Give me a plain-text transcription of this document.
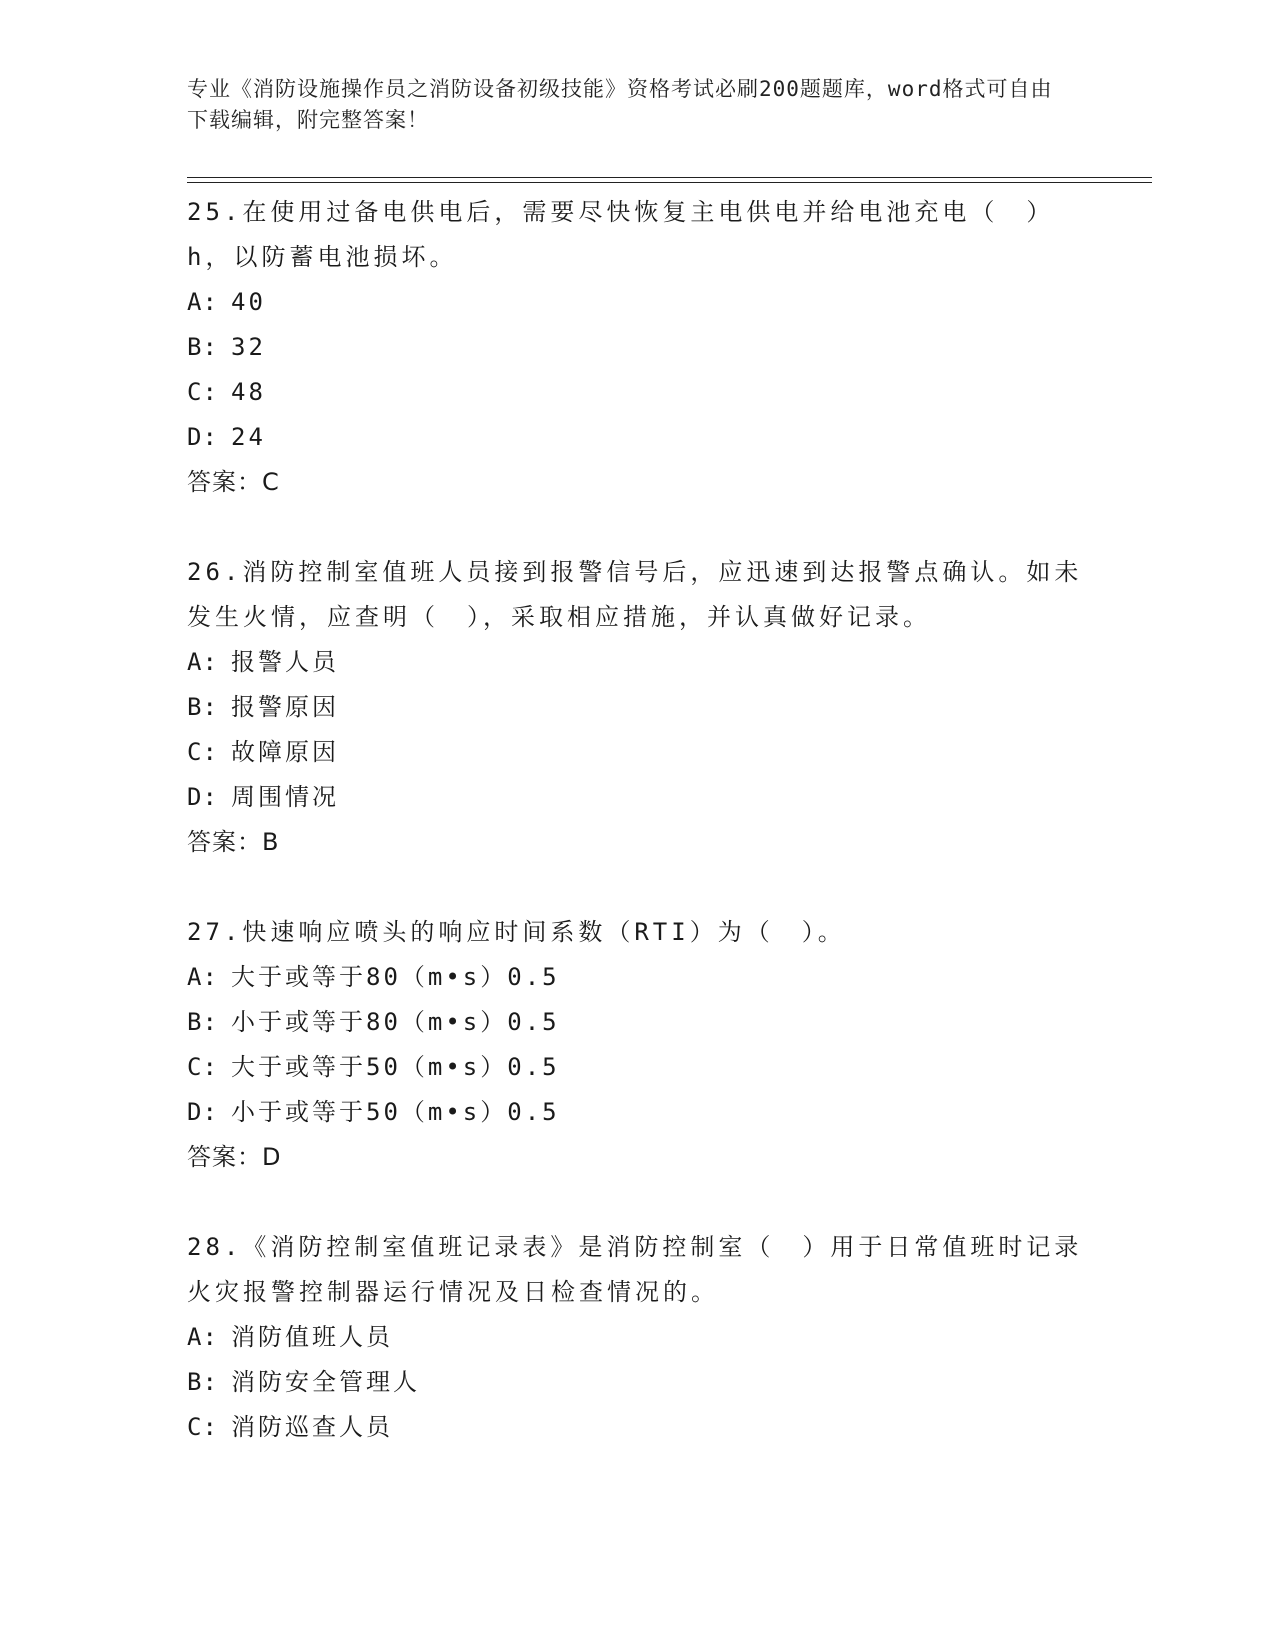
专业《消防设施操作员之消防设备初级技能》资格考试必刷200题题库，word格式可自由下载编辑，附完整答案！
25.在使用过备电供电后，需要尽快恢复主电供电并给电池充电（　）h，以防蓄电池损坏。
A: 40
B: 32
C: 48
D: 24
答案：C
26.消防控制室值班人员接到报警信号后，应迅速到达报警点确认。如未发生火情，应查明（　），采取相应措施，并认真做好记录。
A: 报警人员
B: 报警原因
C: 故障原因
D: 周围情况
答案：B
27.快速响应喷头的响应时间系数（RTI）为（　）。
A: 大于或等于80（m•s）0.5
B: 小于或等于80（m•s）0.5
C: 大于或等于50（m•s）0.5
D: 小于或等于50（m•s）0.5
答案：D
28.《消防控制室值班记录表》是消防控制室（　）用于日常值班时记录火灾报警控制器运行情况及日检查情况的。
A: 消防值班人员
B: 消防安全管理人
C: 消防巡查人员
